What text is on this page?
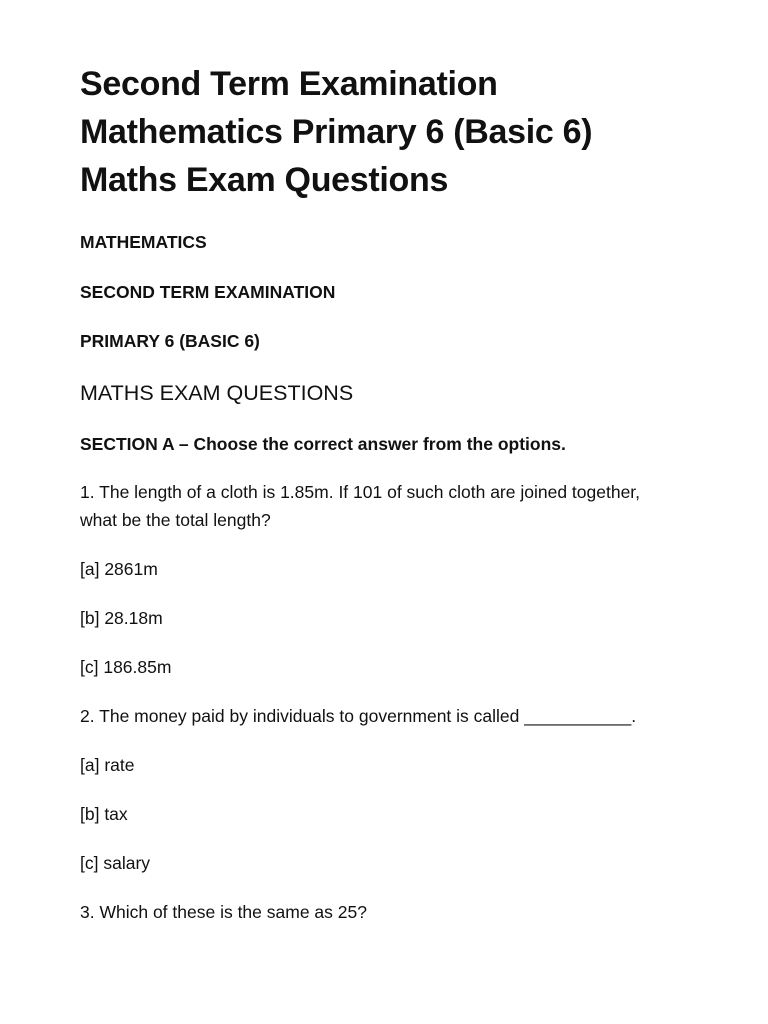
Second Term Examination
Mathematics Primary 6 (Basic 6)
Maths Exam Questions

MATHEMATICS

SECOND TERM EXAMINATION

PRIMARY 6 (BASIC 6)

MATHS EXAM QUESTIONS

SECTION A – Choose the correct answer from the options.

1. The length of a cloth is 1.85m. If 101 of such cloth are joined together,
what be the total length?

[a] 2861m

[b] 28.18m

[c] 186.85m

2. The money paid by individuals to government is called ___________.

[a] rate

[b] tax

[c] salary

3. Which of these is the same as 25?
